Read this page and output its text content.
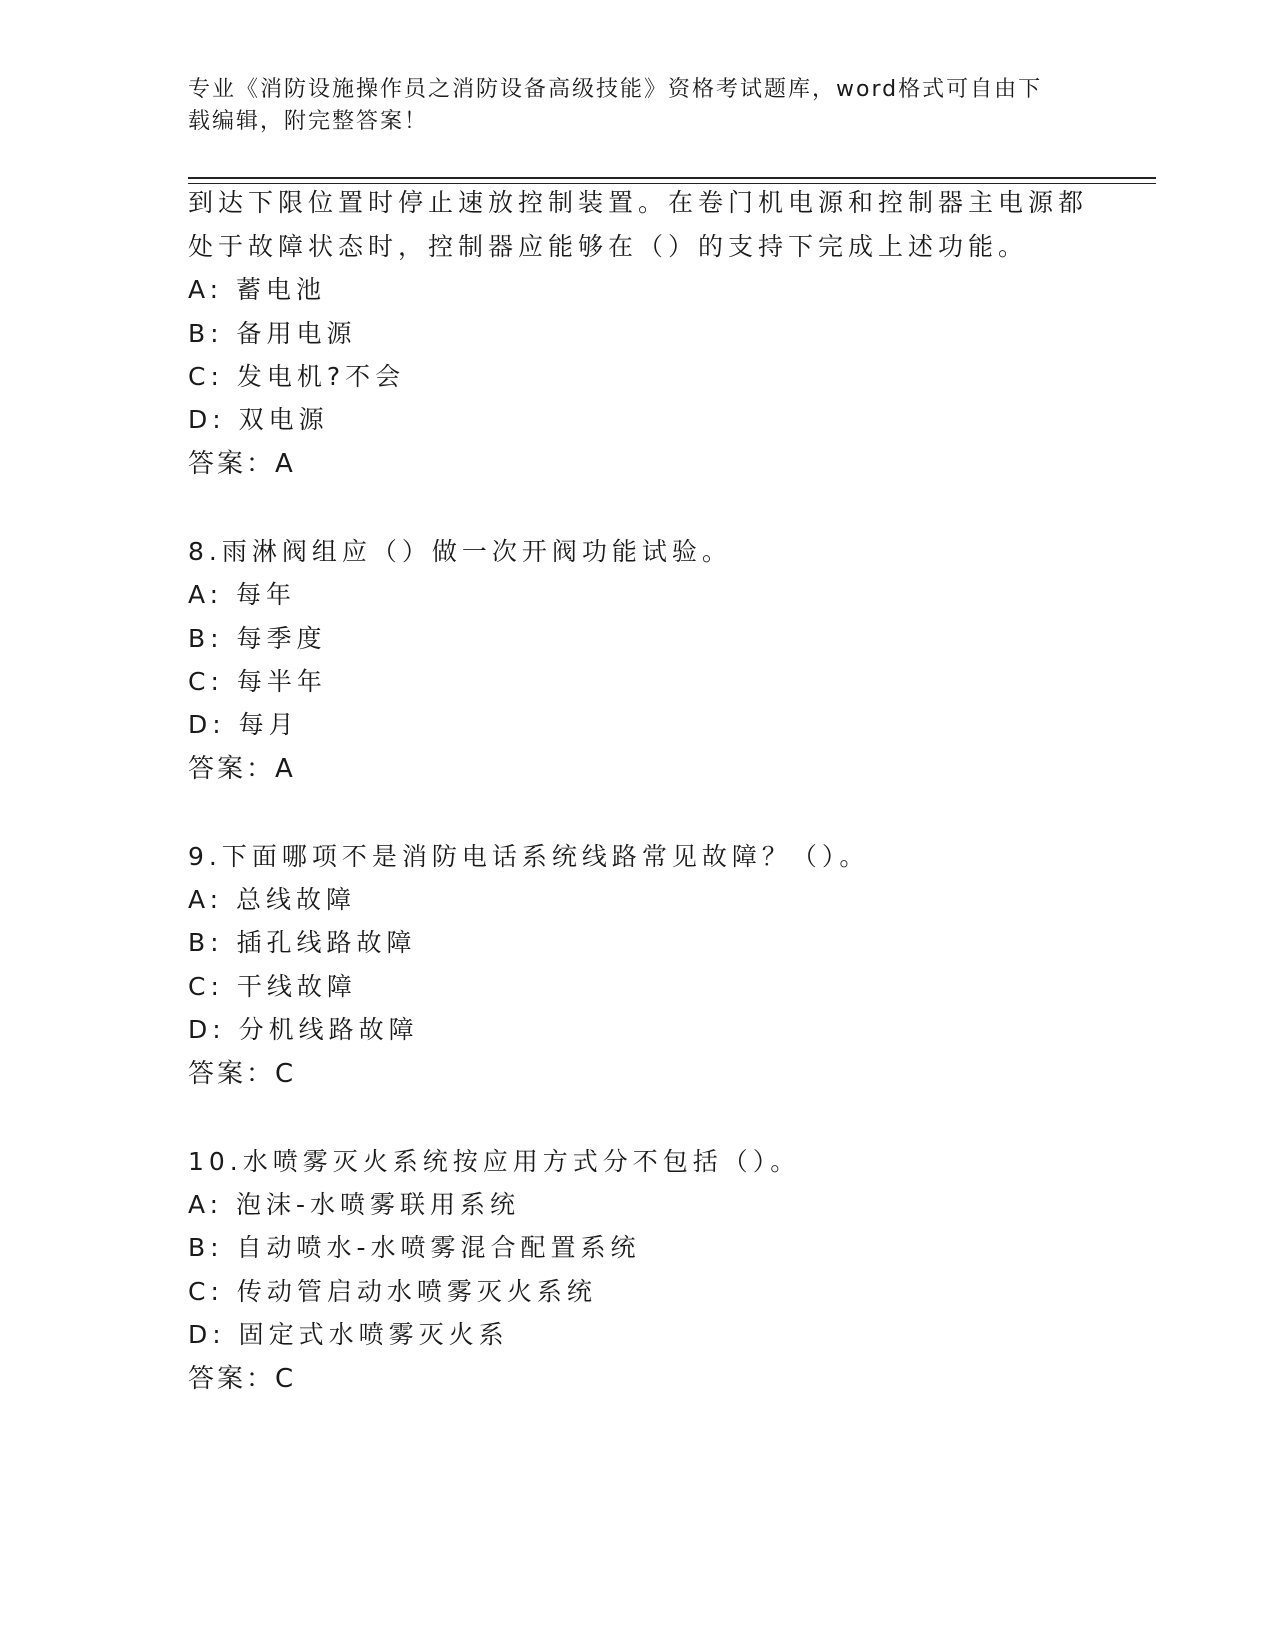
专业《消防设施操作员之消防设备高级技能》资格考试题库，word格式可自由下
载编辑，附完整答案！
到达下限位置时停止速放控制装置。在卷门机电源和控制器主电源都
处于故障状态时，控制器应能够在（）的支持下完成上述功能。
A: 蓄电池
B: 备用电源
C: 发电机?不会
D: 双电源
答案：A
8.雨淋阀组应（）做一次开阀功能试验。
A: 每年
B: 每季度
C: 每半年
D: 每月
答案：A
9.下面哪项不是消防电话系统线路常见故障？（）。
A: 总线故障
B: 插孔线路故障
C: 干线故障
D: 分机线路故障
答案：C
10.水喷雾灭火系统按应用方式分不包括（）。
A: 泡沫-水喷雾联用系统
B: 自动喷水-水喷雾混合配置系统
C: 传动管启动水喷雾灭火系统
D: 固定式水喷雾灭火系
答案：C
